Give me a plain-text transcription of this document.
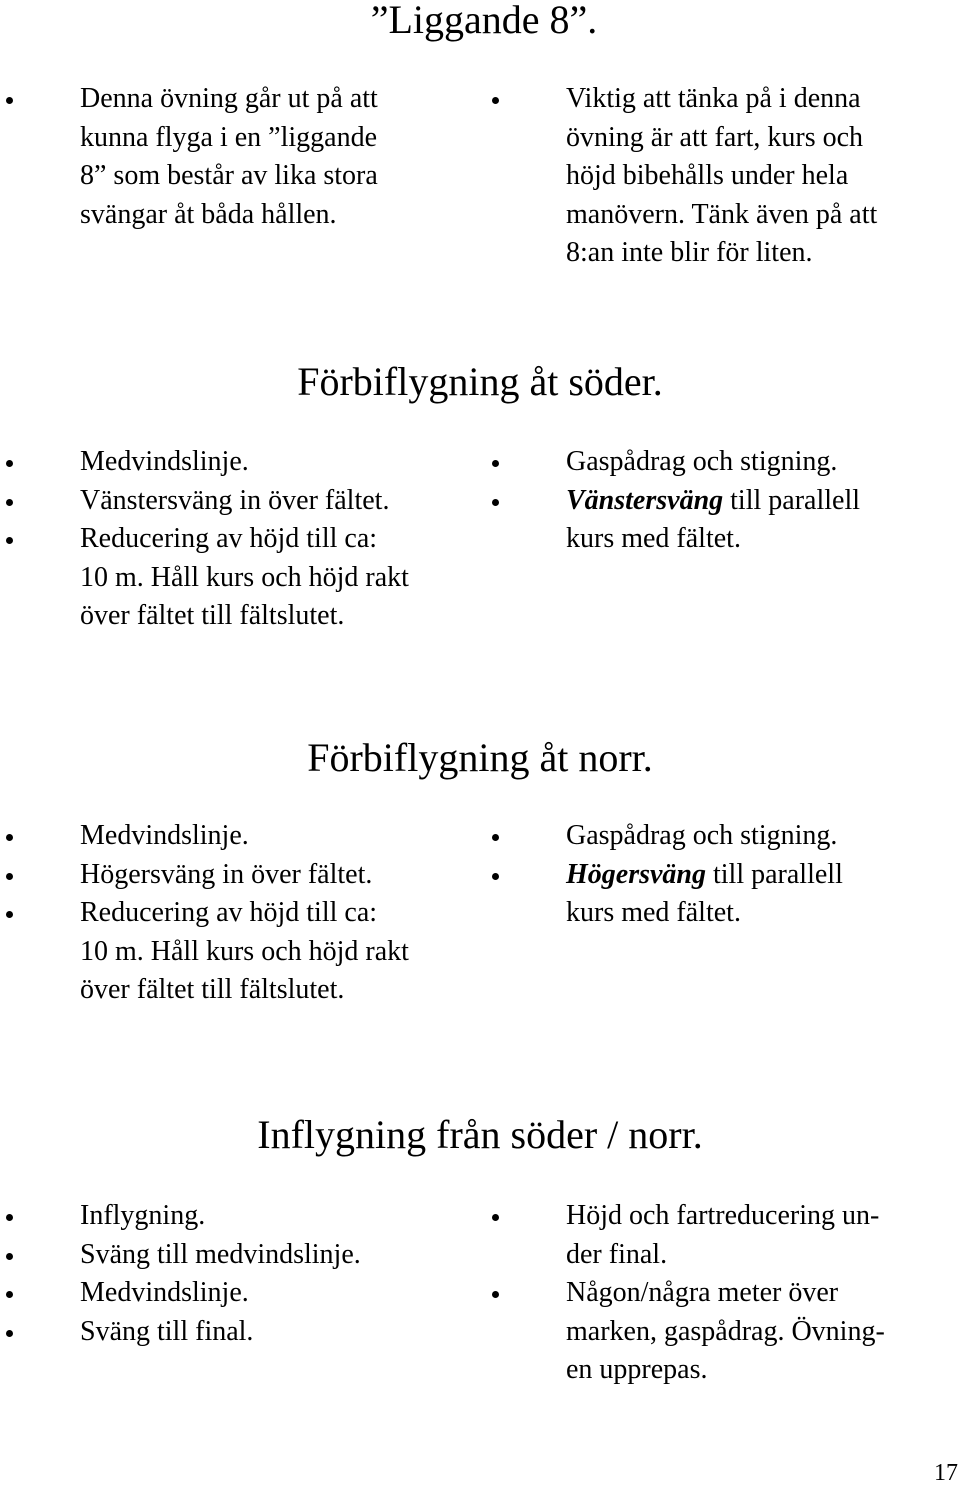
”Liggande 8”.
Denna övning går ut på att
kunna flyga i en ”liggande
8” som består av lika stora
svängar åt båda hållen.
Viktig att tänka på i denna
övning är att fart, kurs och
höjd bibehålls under hela
manövern. Tänk även på att
8:an inte blir för liten.
Förbiflygning åt söder.
Medvindslinje.
Vänstersväng in över fältet.
Reducering av höjd till ca:
10 m. Håll kurs och höjd rakt
över fältet till fältslutet.
Gaspådrag och stigning.
Vänstersväng till parallell
kurs med fältet.
Förbiflygning åt norr.
Medvindslinje.
Högersväng in över fältet.
Reducering av höjd till ca:
10 m. Håll kurs och höjd rakt
över fältet till fältslutet.
Gaspådrag och stigning.
Högersväng till parallell
kurs med fältet.
Inflygning från söder / norr.
Inflygning.
Sväng till medvindslinje.
Medvindslinje.
Sväng till final.
Höjd och fartreducering un-
der final.
Någon/några meter över
marken, gaspådrag. Övning-
en upprepas.
17
